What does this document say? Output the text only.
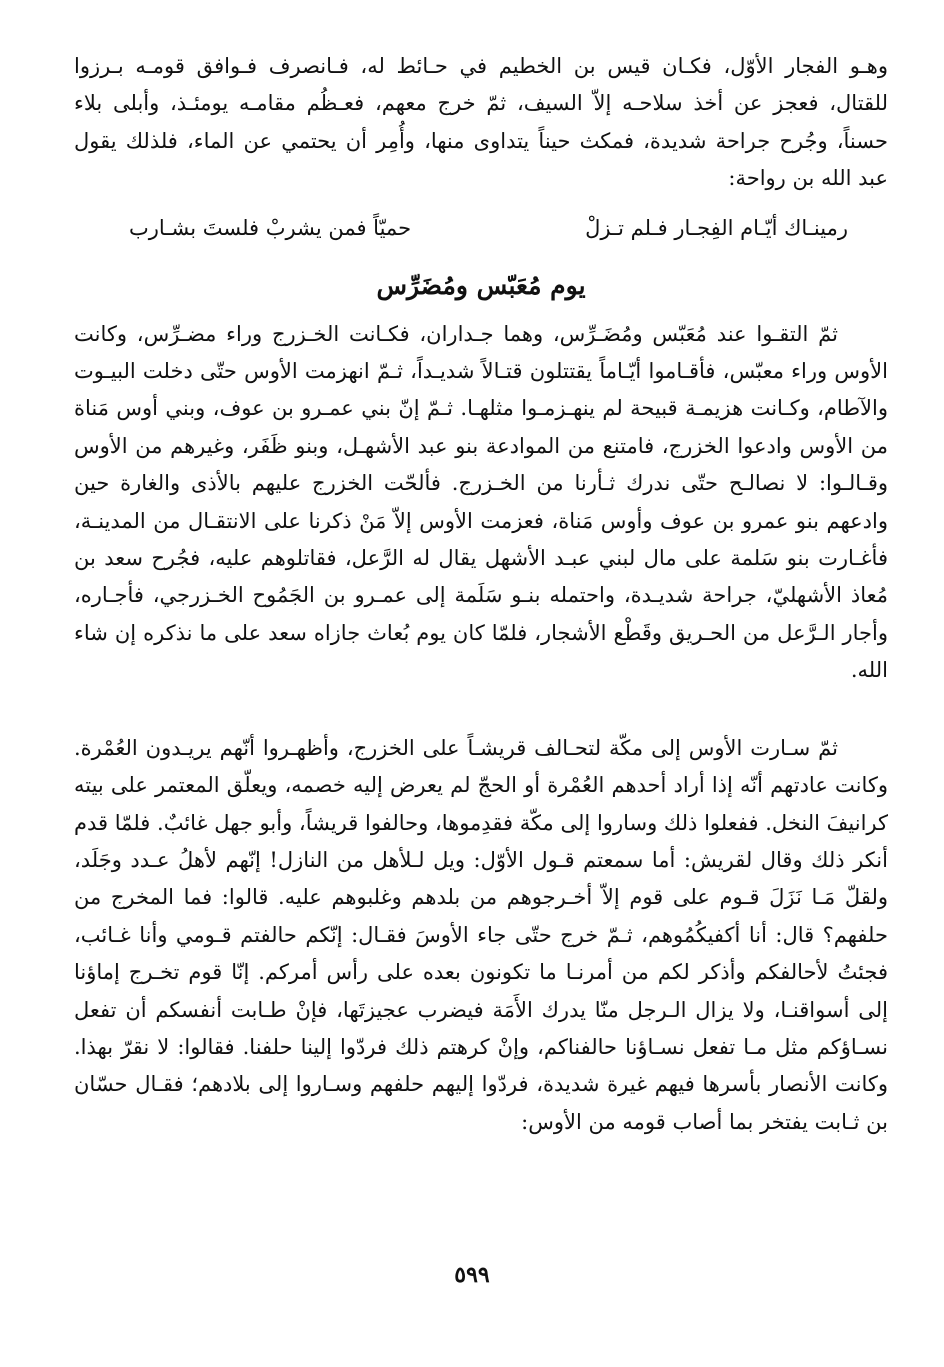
وهـو الفجار الأوّل، فكـان قيس بن الخطيم في حـائط له، فـانصرف فـوافق قومـه بـرزوا للقتال، فعجز عن أخذ سلاحـه إلاّ السيف، ثمّ خرج معهم، فعـظُم مقامـه يومئـذ، وأبلى بلاء حسناً، وجُرح جراحة شديدة، فمكث حيناً يتداوى منها، وأُمِر أن يحتمي عن الماء، فلذلك يقول عبد الله بن رواحة:

رمينـاك أيّـام الفِجـار فـلم تـزلْ
حميّاً فمن يشربْ فلستَ بشـارب
يوم مُعَبّس ومُضَرِّس

ثمّ التقـوا عند مُعَبّس ومُضَـرِّس، وهما جـداران، فكـانت الخـزرج وراء مضـرِّس، وكانت الأوس وراء معبّس، فأقـاموا أيّـاماً يقتتلون قتـالاً شديـداً، ثـمّ انهزمت الأوس حتّى دخلت البيـوت والآطام، وكـانت هزيمـة قبيحة لم ينهـزمـوا مثلهـا. ثـمّ إنّ بني عمـرو بن عوف، وبني أوس مَناة من الأوس وادعوا الخزرج، فامتنع من الموادعة بنو عبد الأشهـل، وبنو ظَفَر، وغيرهم من الأوس وقـالـوا: لا نصالـح حتّى ندرك ثـأرنا من الخـزرج. فألحّت الخزرج عليهم بالأذى والغارة حين وادعهم بنو عمرو بن عوف وأوس مَناة، فعزمت الأوس إلاّ مَنْ ذكرنا على الانتقـال من المدينـة، فأغـارت بنو سَلمة على مال لبني عبـد الأشهل يقال له الرَّعل، فقاتلوهم عليه، فجُرح سعد بن مُعاذ الأشهليّ، جراحة شديـدة، واحتمله بنـو سَلَمة إلى عمـرو بن الجَمُوح الخـزرجي، فأجـاره، وأجار الـرَّعل من الحـريق وقَطْع الأشجار، فلمّا كان يوم بُعاث جازاه سعد على ما نذكره إن شاء الله.

ثمّ سـارت الأوس إلى مكّة لتحـالف قريشـاً على الخزرج، وأظهـروا أنّهم يريـدون العُمْرة. وكانت عادتهم أنّه إذا أراد أحدهم العُمْرة أو الحجّ لم يعرض إليه خصمه، ويعلّق المعتمر على بيته كرانيفَ النخل. ففعلوا ذلك وساروا إلى مكّة فقدِموها، وحالفوا قريشاً، وأبو جهل غائبٌ. فلمّا قدم أنكر ذلك وقال لقريش: أما سمعتم قـول الأوّل: ويل لـلأهل من النازل! إنّهم لأهلُ عـدد وجَلَد، ولقلّ مَـا نَزَلَ قـوم على قوم إلاّ أخـرجوهم من بلدهم وغلبوهم عليه. قالوا: فما المخرج من حلفهم؟ قال: أنا أكفيكُمُوهم، ثـمّ خرج حتّى جاء الأوسَ فقـال: إنّكم حالفتم قـومي وأنا غـائب، فجئتُ لأحالفكم وأذكر لكم من أمرنـا ما تكونون بعده على رأس أمركم. إنّا قوم تخـرج إماؤنا إلى أسواقنـا، ولا يزال الـرجل منّا يدرك الأَمَة فيضرب عجيزتَها، فإنْ طـابت أنفسكم أن تفعل نسـاؤكم مثل مـا تفعل نسـاؤنا حالفناكم، وإنْ كرهتم ذلك فردّوا إلينا حلفنا. فقالوا: لا نقرّ بهذا. وكانت الأنصار بأسرها فيهم غيرة شديدة، فردّوا إليهم حلفهم وسـاروا إلى بلادهم؛ فقـال حسّان بن ثـابت يفتخر بما أصاب قومه من الأوس:

٥٩٩
